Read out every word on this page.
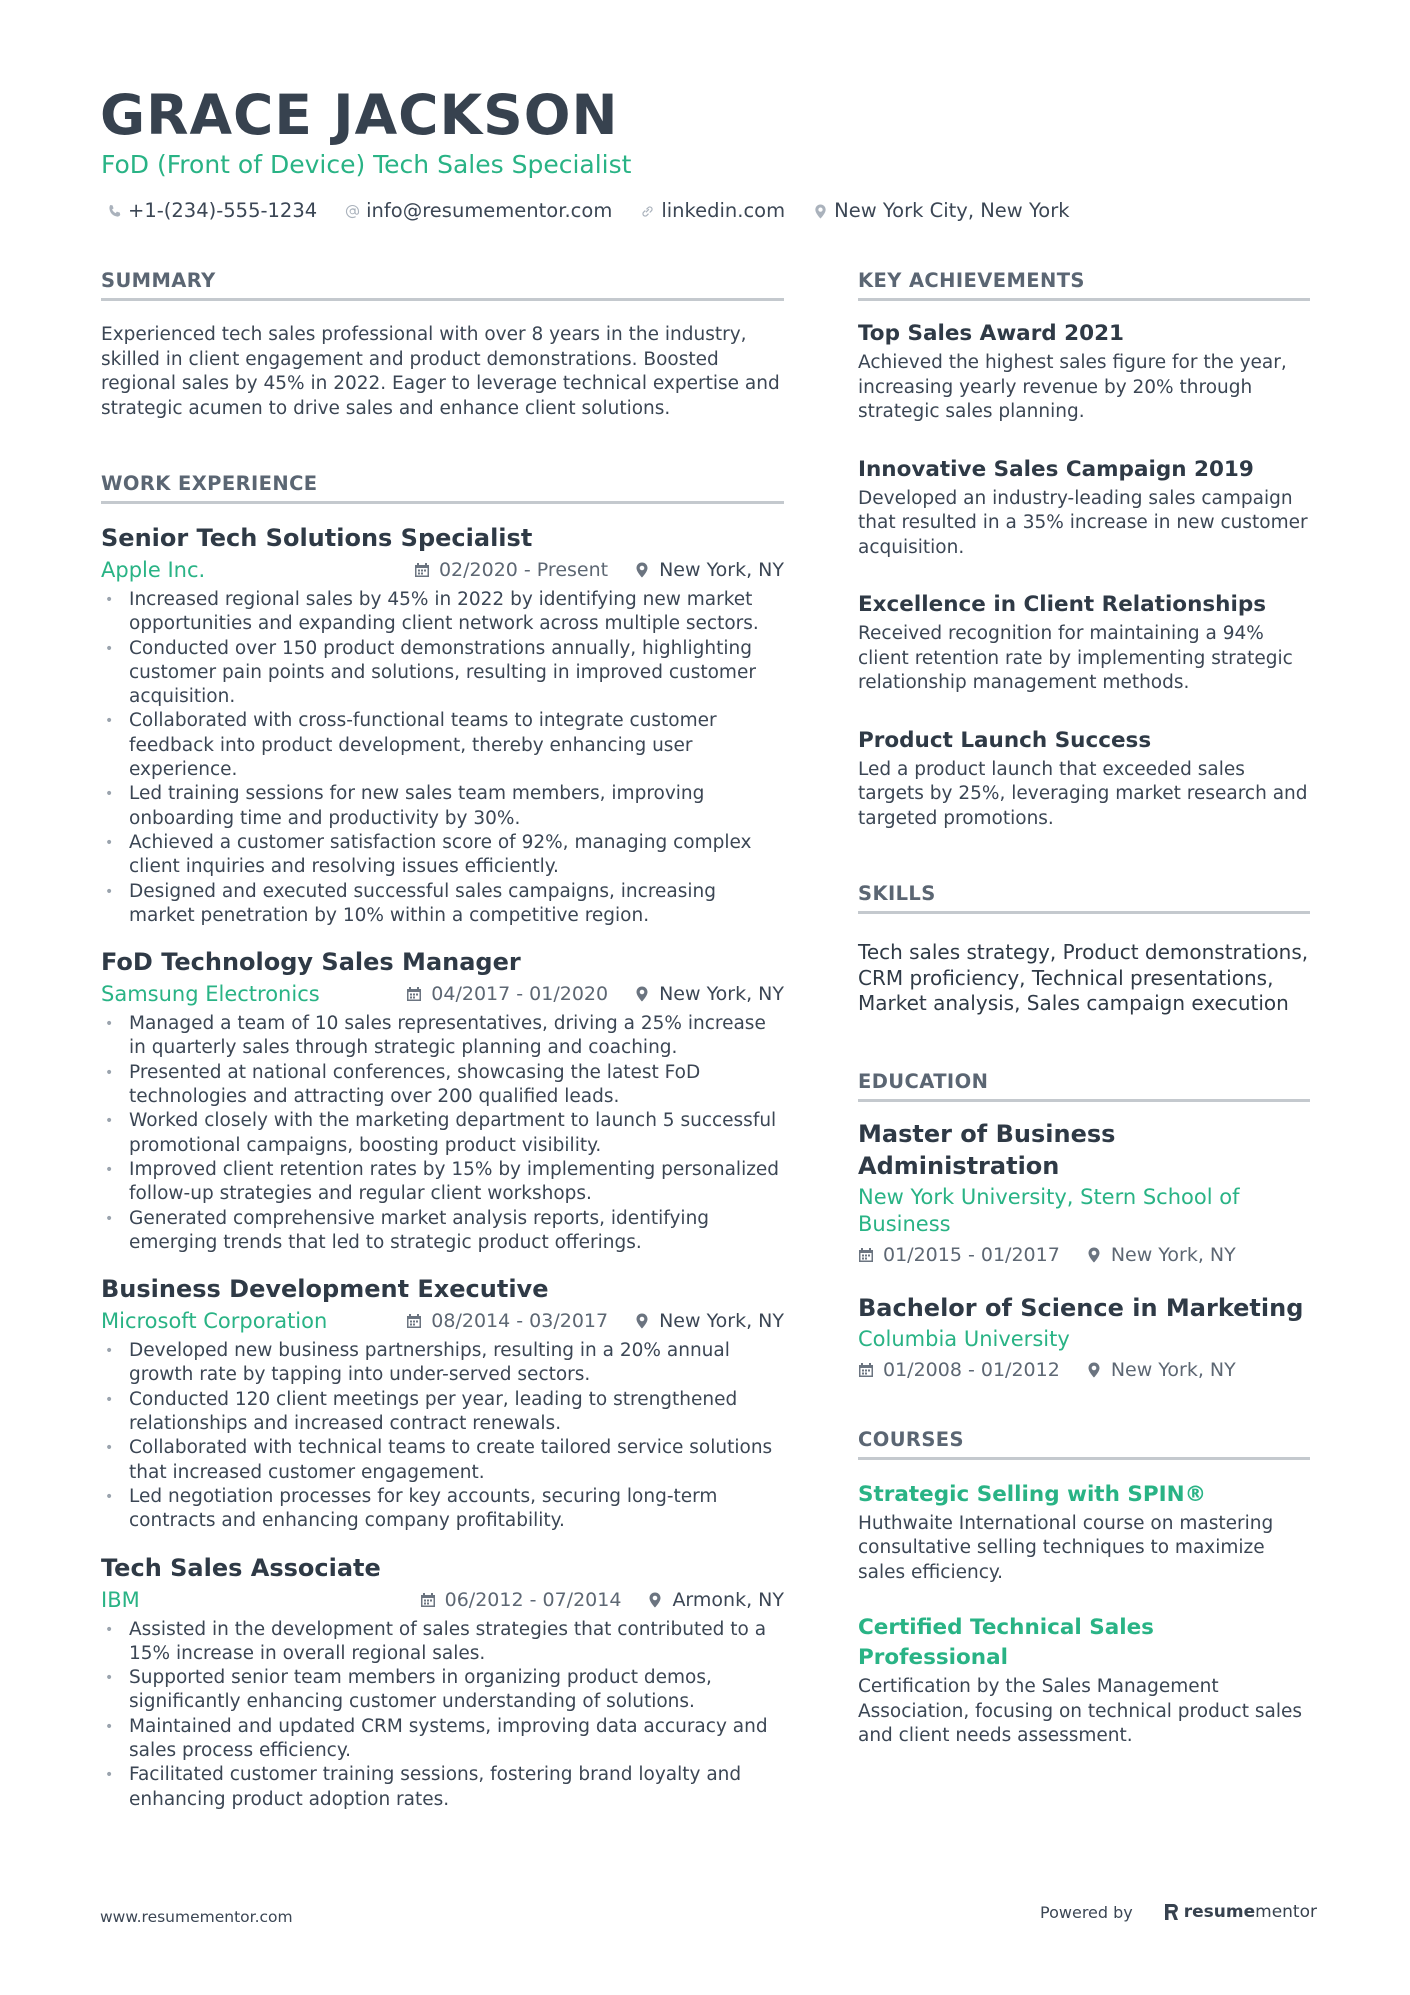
GRACE JACKSON
FoD (Front of Device) Tech Sales Specialist
+1-(234)-555-1234	info@resumementor.com	linkedin.com	New York City, New York
SUMMARY

Experienced tech sales professional with over 8 years in the industry, skilled in client engagement and product demonstrations. Boosted regional sales by 45% in 2022. Eager to leverage technical expertise and strategic acumen to drive sales and enhance client solutions.

WORK EXPERIENCE
Senior Tech Solutions Specialist
Apple Inc.	02/2020 - Present	New York, NY
• Increased regional sales by 45% in 2022 by identifying new market opportunities and expanding client network across multiple sectors.
• Conducted over 150 product demonstrations annually, highlighting customer pain points and solutions, resulting in improved customer acquisition.
• Collaborated with cross-functional teams to integrate customer feedback into product development, thereby enhancing user experience.
• Led training sessions for new sales team members, improving onboarding time and productivity by 30%.
• Achieved a customer satisfaction score of 92%, managing complex client inquiries and resolving issues efficiently.
• Designed and executed successful sales campaigns, increasing market penetration by 10% within a competitive region.
FoD Technology Sales Manager
Samsung Electronics	04/2017 - 01/2020	New York, NY
• Managed a team of 10 sales representatives, driving a 25% increase in quarterly sales through strategic planning and coaching.
• Presented at national conferences, showcasing the latest FoD technologies and attracting over 200 qualified leads.
• Worked closely with the marketing department to launch 5 successful promotional campaigns, boosting product visibility.
• Improved client retention rates by 15% by implementing personalized follow-up strategies and regular client workshops.
• Generated comprehensive market analysis reports, identifying emerging trends that led to strategic product offerings.
Business Development Executive
Microsoft Corporation	08/2014 - 03/2017	New York, NY
• Developed new business partnerships, resulting in a 20% annual growth rate by tapping into under-served sectors.
• Conducted 120 client meetings per year, leading to strengthened relationships and increased contract renewals.
• Collaborated with technical teams to create tailored service solutions that increased customer engagement.
• Led negotiation processes for key accounts, securing long-term contracts and enhancing company profitability.
Tech Sales Associate
IBM	06/2012 - 07/2014	Armonk, NY
• Assisted in the development of sales strategies that contributed to a 15% increase in overall regional sales.
• Supported senior team members in organizing product demos, significantly enhancing customer understanding of solutions.
• Maintained and updated CRM systems, improving data accuracy and sales process efficiency.
• Facilitated customer training sessions, fostering brand loyalty and enhancing product adoption rates.
KEY ACHIEVEMENTS
Top Sales Award 2021

Achieved the highest sales figure for the year, increasing yearly revenue by 20% through strategic sales planning.

Innovative Sales Campaign 2019

Developed an industry-leading sales campaign that resulted in a 35% increase in new customer acquisition.

Excellence in Client Relationships

Received recognition for maintaining a 94% client retention rate by implementing strategic relationship management methods.

Product Launch Success

Led a product launch that exceeded sales targets by 25%, leveraging market research and targeted promotions.

SKILLS

Tech sales strategy, Product demonstrations, CRM proficiency, Technical presentations, Market analysis, Sales campaign execution

EDUCATION
Master of Business Administration
New York University, Stern School of Business
01/2015 - 01/2017	New York, NY
Bachelor of Science in Marketing
Columbia University
01/2008 - 01/2012	New York, NY
COURSES
Strategic Selling with SPIN®

Huthwaite International course on mastering consultative selling techniques to maximize sales efficiency.

Certified Technical Sales Professional

Certification by the Sales Management Association, focusing on technical product sales and client needs assessment.

www.resumementor.com	Powered by	resume mentor
